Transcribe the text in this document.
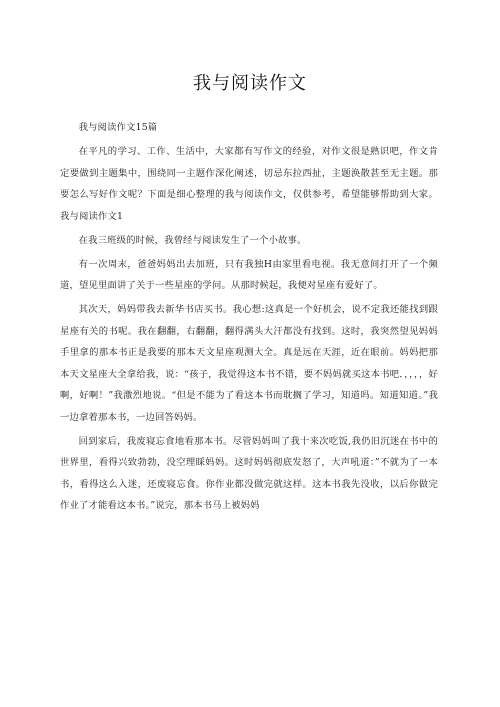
我与阅读作文

我与阅读作文15篇

在平凡的学习、工作、生活中，大家都有写作文的经验，对作文很是熟识吧，作文肯定要做到主题集中，围绕同一主题作深化阐述，切忌东拉西扯，主题涣散甚至无主题。那要怎么写好作文呢？下面是细心整理的我与阅读作文，仅供参考，希望能够帮助到大家。我与阅读作文1

在我三班级的时候，我曾经与阅读发生了一个小故事。

有一次周末，爸爸妈妈出去加班，只有我独H由家里看电视。我无意间打开了一个频道，望见里面讲了关于一些星座的学问。从那时候起，我便对星座有爱好了。

其次天，妈妈带我去新华书店买书。我心想:这真是一个好机会，说不定我还能找到跟星座有关的书呢。我在翻翻，右翻翻，翻得满头大汗都没有找到。这时，我突然望见妈妈手里拿的那本书正是我要的那本天文星座观测大全。真是远在天涯，近在眼前。妈妈把那本天文星座大全拿给我，说：“孩子，我觉得这本书不错，要不妈妈就买这本书吧．，，，，好啊，好啊！”我激烈地说。“但是不能为了看这本书而耽搁了学习，知道吗。知道知道。”我一边拿着那本书，一边回答妈妈。

回到家后，我废寝忘食地看那本书。尽管妈妈叫了我十来次吃饭,我仍旧沉迷在书中的世界里，看得兴致勃勃，没空理睬妈妈。这时妈妈彻底发怒了，大声吼道：”不就为了一本书，看得这么入迷，还废寝忘食。你作业都没做完就这样。这本书我先没收，以后你做完作业了才能看这本书。”说完，那本书马上被妈妈
